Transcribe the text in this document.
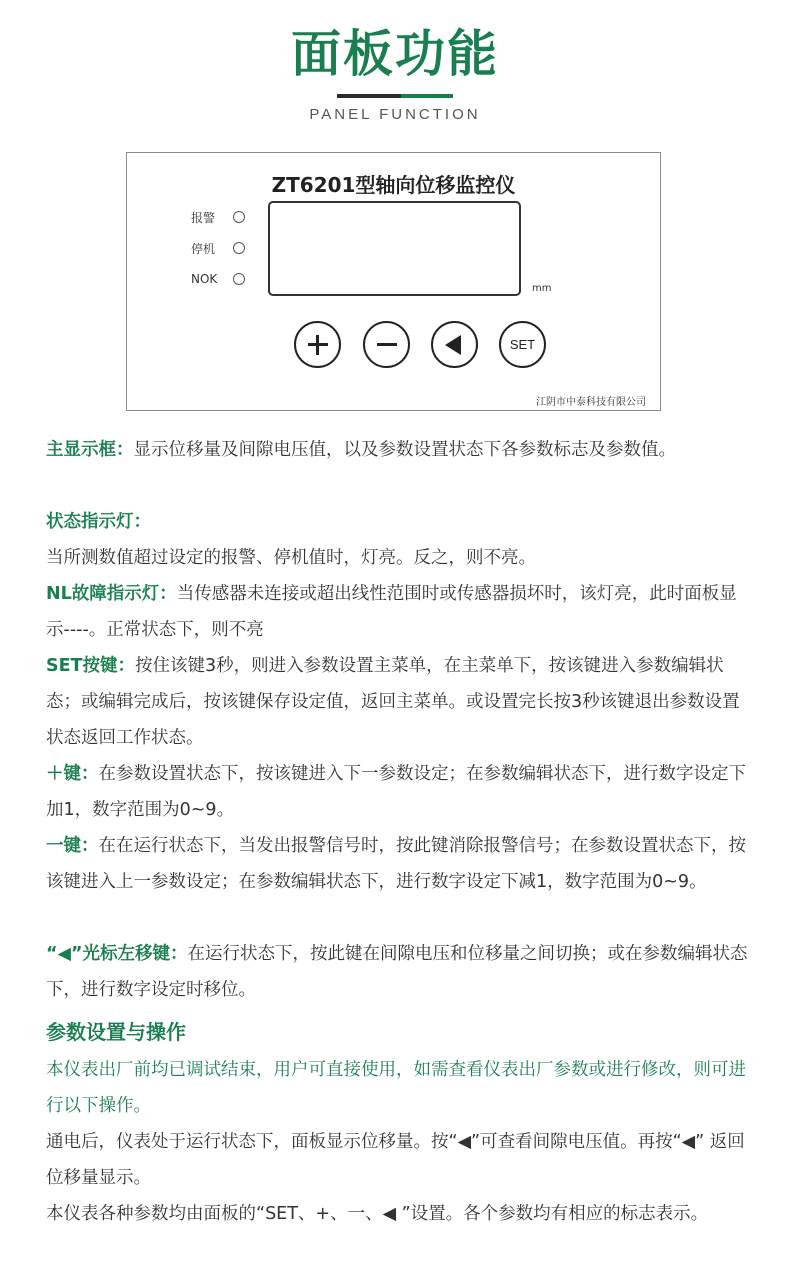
面板功能
PANEL FUNCTION
ZT6201型轴向位移监控仪
报警
停机
NOK
mm
SET
江阴市中泰科技有限公司

主显示框：显示位移量及间隙电压值，以及参数设置状态下各参数标志及参数值。

状态指示灯：

当所测数值超过设定的报警、停机值时，灯亮。反之，则不亮。

NL故障指示灯：当传感器未连接或超出线性范围时或传感器损坏时，该灯亮，此时面板显示----。正常状态下，则不亮

SET按键：按住该键3秒，则进入参数设置主菜单，在主菜单下，按该键进入参数编辑状态；或编辑完成后，按该键保存设定值，返回主菜单。或设置完长按3秒该键退出参数设置状态返回工作状态。

＋键：在参数设置状态下，按该键进入下一参数设定；在参数编辑状态下，进行数字设定下加1，数字范围为0~9。

一键：在在运行状态下，当发出报警信号时，按此键消除报警信号；在参数设置状态下，按该键进入上一参数设定；在参数编辑状态下，进行数字设定下减1，数字范围为0~9。

“◀”光标左移键：在运行状态下，按此键在间隙电压和位移量之间切换；或在参数编辑状态下，进行数字设定时移位。

参数设置与操作

本仪表出厂前均已调试结束，用户可直接使用，如需查看仪表出厂参数或进行修改，则可进行以下操作。

通电后，仪表处于运行状态下，面板显示位移量。按“◀”可查看间隙电压值。再按“◀” 返回位移量显示。

本仪表各种参数均由面板的“SET、+、一、◀ ”设置。各个参数均有相应的标志表示。
